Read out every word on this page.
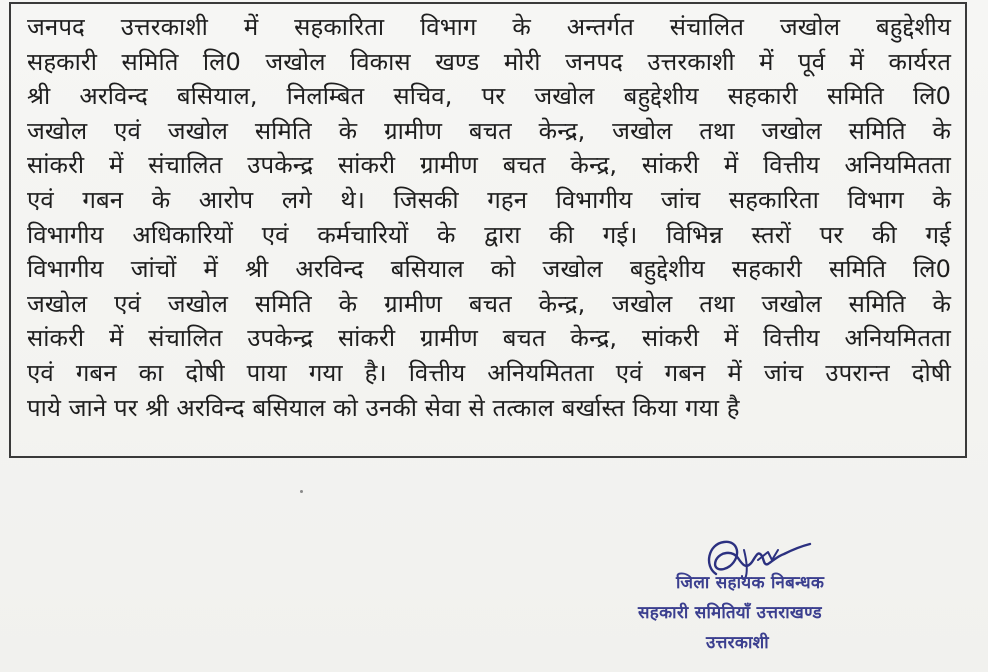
जनपद उत्तरकाशी में सहकारिता विभाग के अन्तर्गत संचालित जखोल बहुद्देशीय
सहकारी समिति लि0 जखोल विकास खण्ड मोरी जनपद उत्तरकाशी में पूर्व में कार्यरत
श्री अरविन्द बसियाल, निलम्बित सचिव, पर जखोल बहुद्देशीय सहकारी समिति लि0
जखोल एवं जखोल समिति के ग्रामीण बचत केन्द्र, जखोल तथा जखोल समिति के
सांकरी में संचालित उपकेन्द्र सांकरी ग्रामीण बचत केन्द्र, सांकरी में वित्तीय अनियमितता
एवं गबन के आरोप लगे थे। जिसकी गहन विभागीय जांच सहकारिता विभाग के
विभागीय अधिकारियों एवं कर्मचारियों के द्वारा की गई। विभिन्न स्तरों पर की गई
विभागीय जांचों में श्री अरविन्द बसियाल को जखोल बहुद्देशीय सहकारी समिति लि0
जखोल एवं जखोल समिति के ग्रामीण बचत केन्द्र, जखोल तथा जखोल समिति के
सांकरी में संचालित उपकेन्द्र सांकरी ग्रामीण बचत केन्द्र, सांकरी में वित्तीय अनियमितता
एवं गबन का दोषी पाया गया है। वित्तीय अनियमितता एवं गबन में जांच उपरान्त दोषी
पाये जाने पर श्री अरविन्द बसियाल को उनकी सेवा से तत्काल बर्खास्त किया गया है
जिला सहायक निबन्धक
सहकारी समितियाँ उत्तराखण्ड
उत्तरकाशी
